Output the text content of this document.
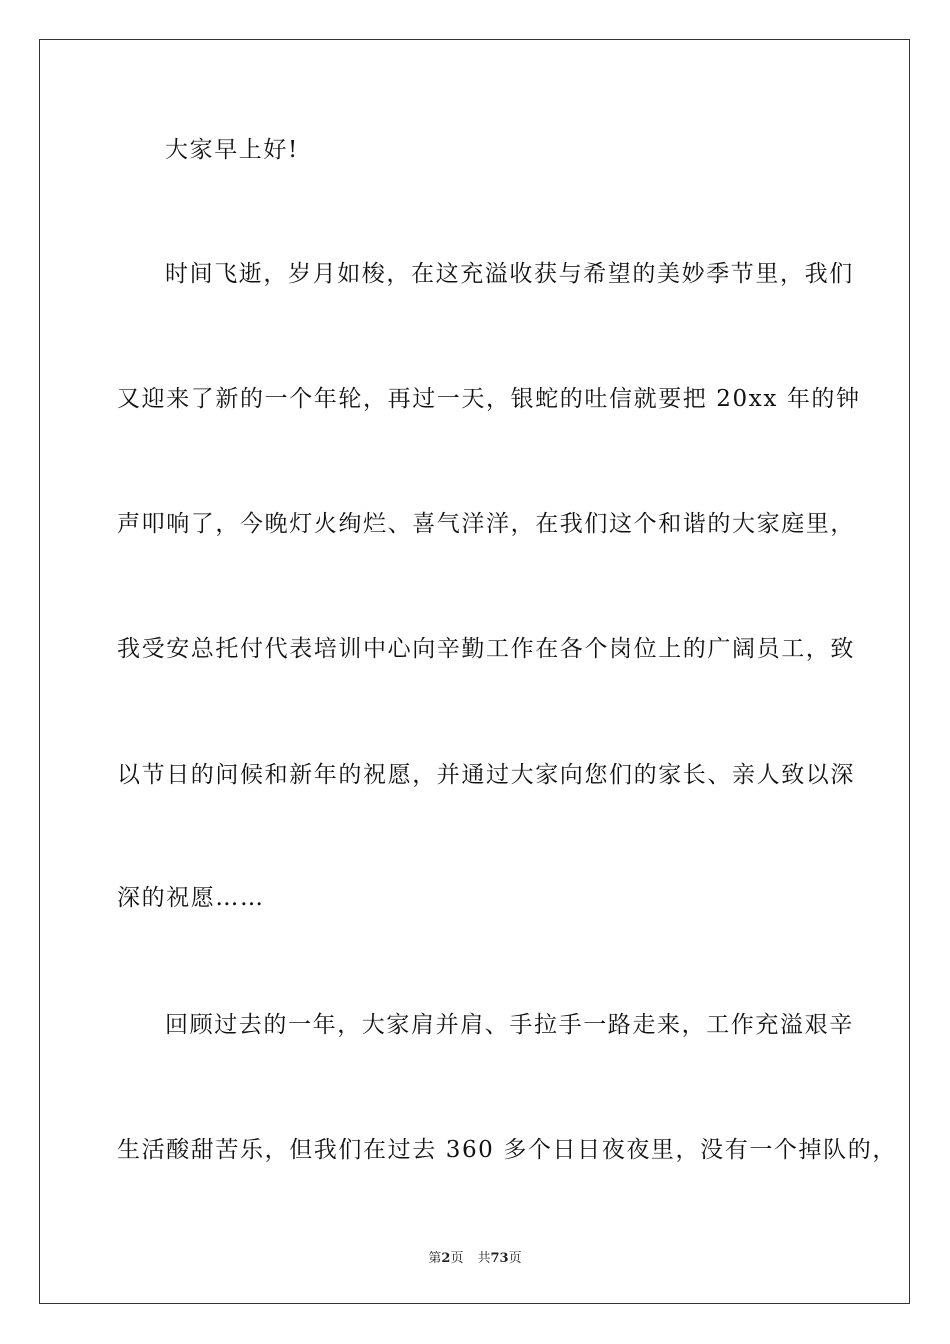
大家早上好!
时间飞逝，岁月如梭，在这充溢收获与希望的美妙季节里，我们
又迎来了新的一个年轮，再过一天，银蛇的吐信就要把 20xx 年的钟
声叩响了，今晚灯火绚烂、喜气洋洋，在我们这个和谐的大家庭里，
我受安总托付代表培训中心向辛勤工作在各个岗位上的广阔员工，致
以节日的问候和新年的祝愿，并通过大家向您们的家长、亲人致以深
深的祝愿……
回顾过去的一年，大家肩并肩、手拉手一路走来，工作充溢艰辛
生活酸甜苦乐，但我们在过去 360 多个日日夜夜里，没有一个掉队的，
第2页 共73页
